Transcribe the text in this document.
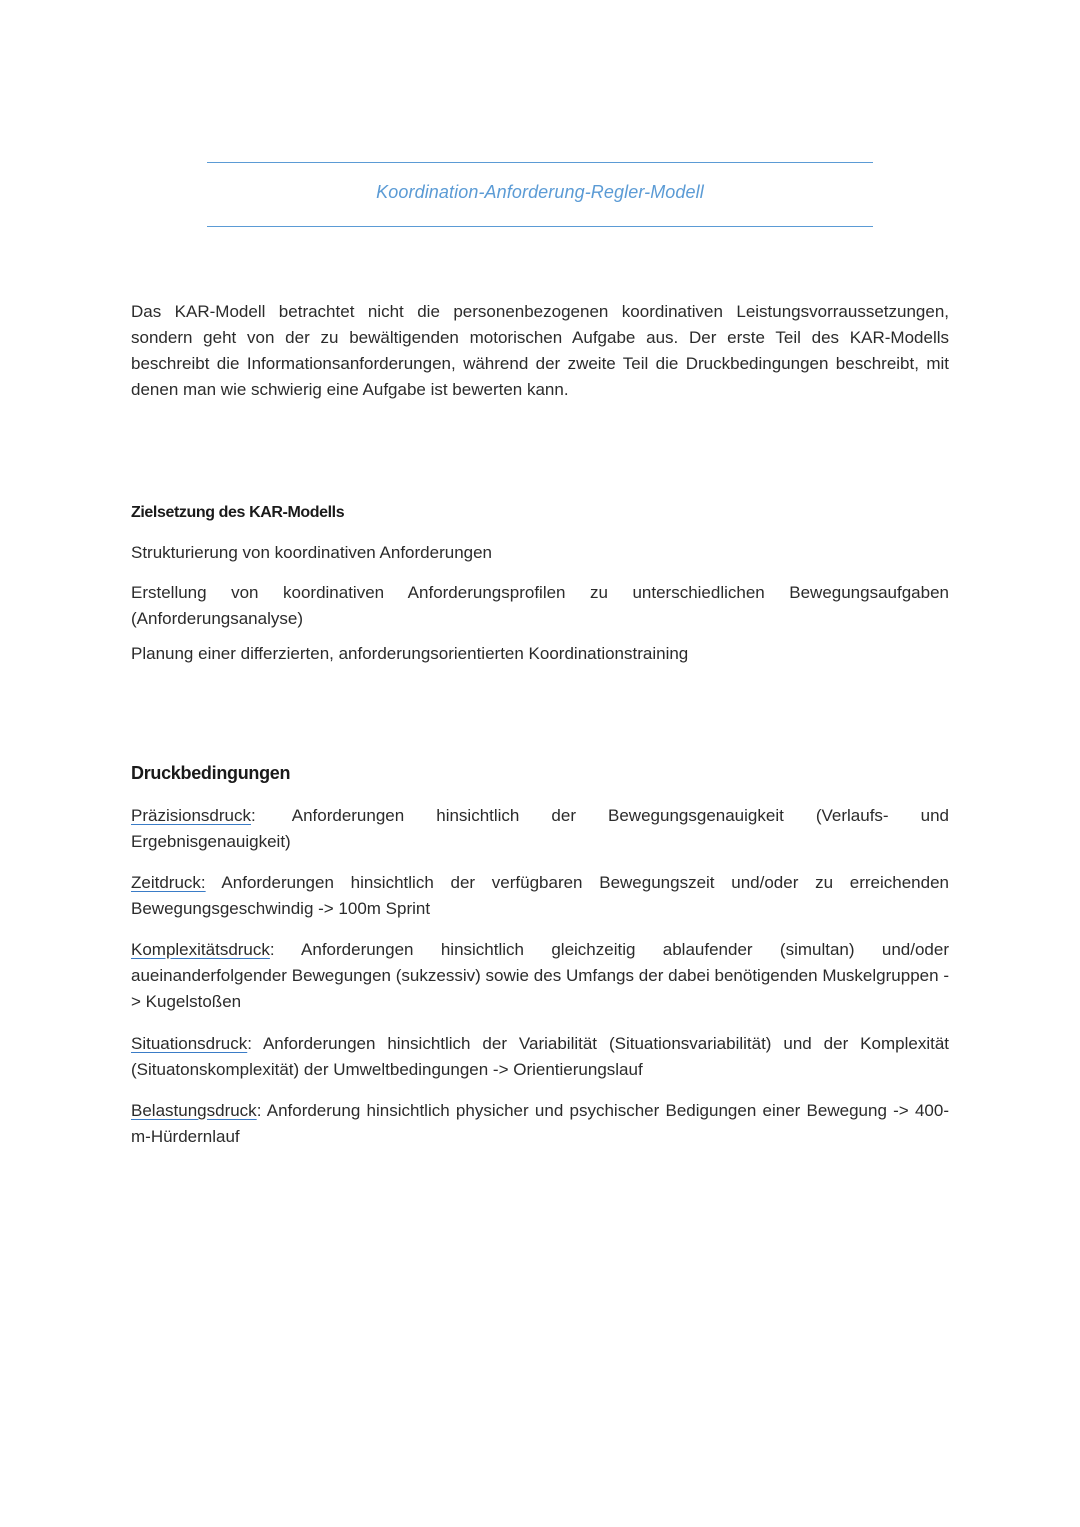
Koordination-Anforderung-Regler-Modell

Das KAR-Modell betrachtet nicht die personenbezogenen koordinativen Leistungsvorraussetzungen, sondern geht von der zu bewältigenden motorischen Aufgabe aus. Der erste Teil des KAR-Modells beschreibt die Informationsanforderungen, während der zweite Teil die Druckbedingungen beschreibt, mit denen man wie schwierig eine Aufgabe ist bewerten kann.

Zielsetzung des KAR-Modells

Strukturierung von koordinativen Anforderungen

Erstellung von koordinativen Anforderungsprofilen zu unterschiedlichen Bewegungsaufgaben (Anforderungsanalyse)

Planung einer differzierten, anforderungsorientierten Koordinationstraining

Druckbedingungen

Präzisionsdruck: Anforderungen hinsichtlich der Bewegungsgenauigkeit (Verlaufs- und Ergebnisgenauigkeit)

Zeitdruck: Anforderungen hinsichtlich der verfügbaren Bewegungszeit und/oder zu erreichenden Bewegungsgeschwindig -> 100m Sprint

Komplexitätsdruck: Anforderungen hinsichtlich gleichzeitig ablaufender (simultan) und/oder aueinanderfolgender Bewegungen (sukzessiv) sowie des Umfangs der dabei benötigenden Muskelgruppen -> Kugelstoßen

Situationsdruck: Anforderungen hinsichtlich der Variabilität (Situationsvariabilität) und der Komplexität (Situatonskomplexität) der Umweltbedingungen -> Orientierungslauf

Belastungsdruck: Anforderung hinsichtlich physicher und psychischer Bedigungen einer Bewegung -> 400-m-Hürdernlauf
